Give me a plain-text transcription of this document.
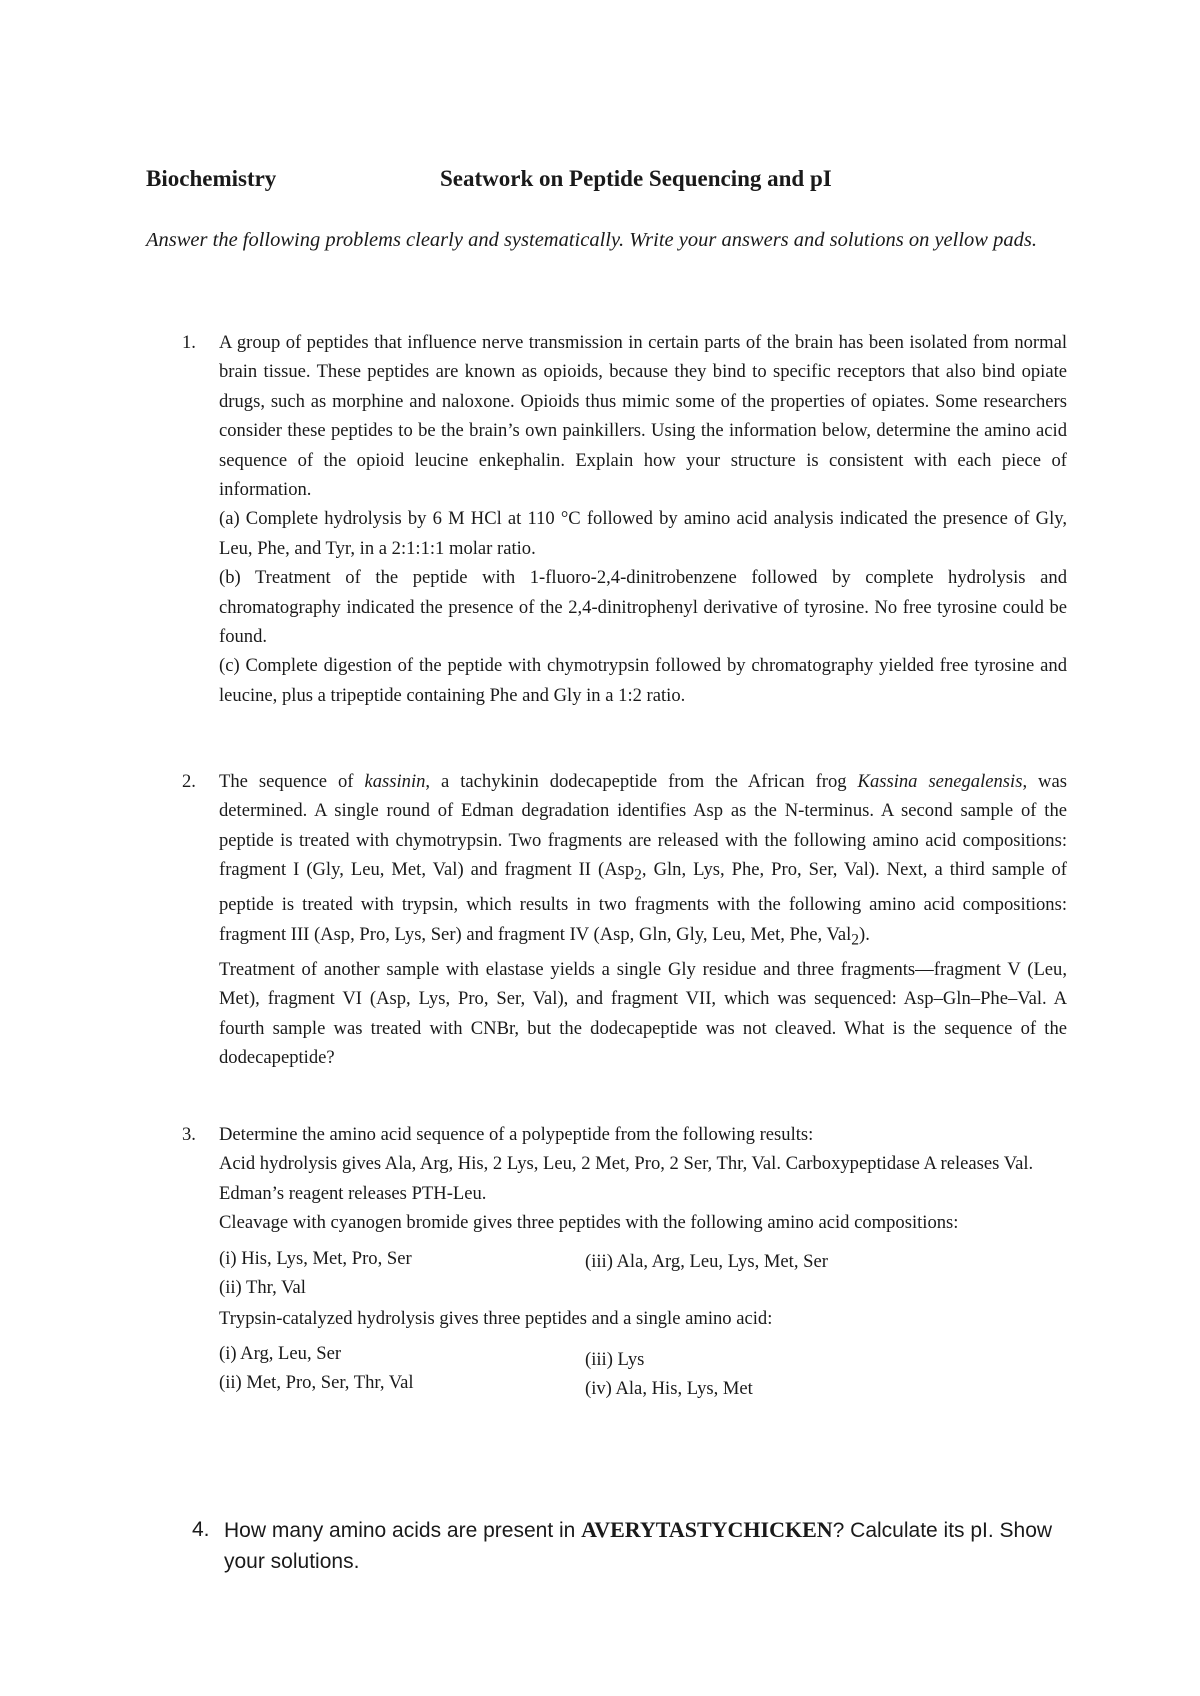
Biochemistry	Seatwork on Peptide Sequencing and pI
Answer the following problems clearly and systematically. Write your answers and solutions on yellow pads.
1. A group of peptides that influence nerve transmission in certain parts of the brain has been isolated from normal brain tissue. These peptides are known as opioids, because they bind to specific receptors that also bind opiate drugs, such as morphine and naloxone. Opioids thus mimic some of the properties of opiates. Some researchers consider these peptides to be the brain’s own painkillers. Using the information below, determine the amino acid sequence of the opioid leucine enkephalin. Explain how your structure is consistent with each piece of information.

(a) Complete hydrolysis by 6 M HCl at 110 °C followed by amino acid analysis indicated the presence of Gly, Leu, Phe, and Tyr, in a 2:1:1:1 molar ratio.

(b) Treatment of the peptide with 1-fluoro-2,4-dinitrobenzene followed by complete hydrolysis and chromatography indicated the presence of the 2,4-dinitrophenyl derivative of tyrosine. No free tyrosine could be found.

(c) Complete digestion of the peptide with chymotrypsin followed by chromatography yielded free tyrosine and leucine, plus a tripeptide containing Phe and Gly in a 1:2 ratio.

2. The sequence of kassinin, a tachykinin dodecapeptide from the African frog Kassina senegalensis, was determined. A single round of Edman degradation identifies Asp as the N-terminus. A second sample of the peptide is treated with chymotrypsin. Two fragments are released with the following amino acid compositions: fragment I (Gly, Leu, Met, Val) and fragment II (Asp$_2$, Gln, Lys, Phe, Pro, Ser, Val). Next, a third sample of peptide is treated with trypsin, which results in two fragments with the following amino acid compositions: fragment III (Asp, Pro, Lys, Ser) and fragment IV (Asp, Gln, Gly, Leu, Met, Phe, Val$_2$).

Treatment of another sample with elastase yields a single Gly residue and three fragments—fragment V (Leu, Met), fragment VI (Asp, Lys, Pro, Ser, Val), and fragment VII, which was sequenced: Asp–Gln–Phe–Val. A fourth sample was treated with CNBr, but the dodecapeptide was not cleaved. What is the sequence of the dodecapeptide?

3. Determine the amino acid sequence of a polypeptide from the following results:

Acid hydrolysis gives Ala, Arg, His, 2 Lys, Leu, 2 Met, Pro, 2 Ser, Thr, Val. Carboxypeptidase A releases Val.

Edman’s reagent releases PTH-Leu.

Cleavage with cyanogen bromide gives three peptides with the following amino acid compositions:

(i) His, Lys, Met, Pro, Ser

(ii) Thr, Val

(iii) Ala, Arg, Leu, Lys, Met, Ser

Trypsin-catalyzed hydrolysis gives three peptides and a single amino acid:

(i) Arg, Leu, Ser

(ii) Met, Pro, Ser, Thr, Val

(iii) Lys

(iv) Ala, His, Lys, Met

4. How many amino acids are present in AVERYTASTYCHICKEN? Calculate its pI. Show your solutions.
